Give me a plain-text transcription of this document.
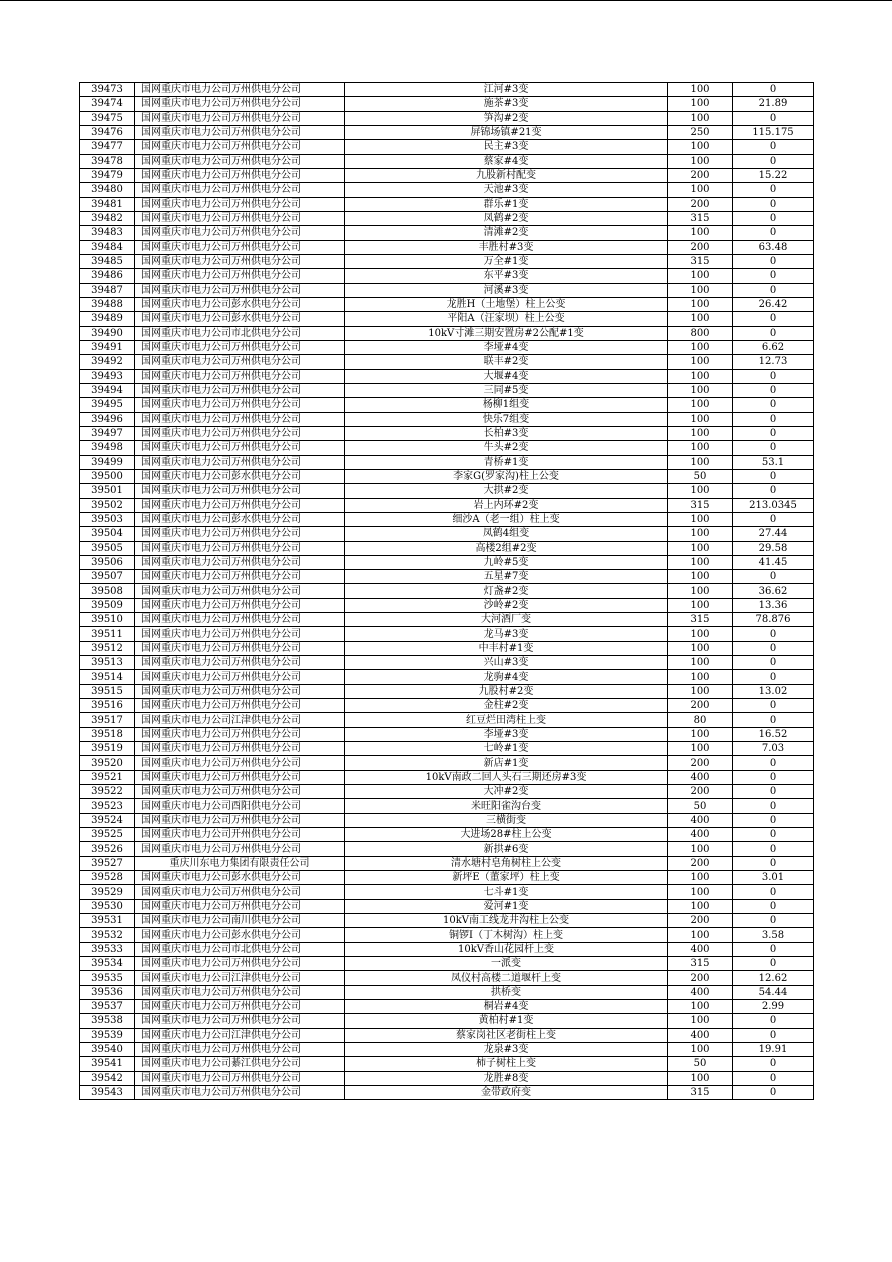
39473	国网重庆市电力公司万州供电分公司	江河#3变	100	0
39474	国网重庆市电力公司万州供电分公司	施茶#3变	100	21.89
39475	国网重庆市电力公司万州供电分公司	笋沟#2变	100	0
39476	国网重庆市电力公司万州供电分公司	屏锦场镇#21变	250	115.175
39477	国网重庆市电力公司万州供电分公司	民主#3变	100	0
39478	国网重庆市电力公司万州供电分公司	蔡家#4变	100	0
39479	国网重庆市电力公司万州供电分公司	九股新村配变	200	15.22
39480	国网重庆市电力公司万州供电分公司	天池#3变	100	0
39481	国网重庆市电力公司万州供电分公司	群乐#1变	200	0
39482	国网重庆市电力公司万州供电分公司	凤鹤#2变	315	0
39483	国网重庆市电力公司万州供电分公司	清滩#2变	100	0
39484	国网重庆市电力公司万州供电分公司	丰胜村#3变	200	63.48
39485	国网重庆市电力公司万州供电分公司	万全#1变	315	0
39486	国网重庆市电力公司万州供电分公司	东平#3变	100	0
39487	国网重庆市电力公司万州供电分公司	河溪#3变	100	0
39488	国网重庆市电力公司彭水供电分公司	龙胜H（土地堡）柱上公变	100	26.42
39489	国网重庆市电力公司彭水供电分公司	平阳A（汪家坝）柱上公变	100	0
39490	国网重庆市电力公司市北供电分公司	10kV寸滩三期安置房#2公配#1变	800	0
39491	国网重庆市电力公司万州供电分公司	李垭#4变	100	6.62
39492	国网重庆市电力公司万州供电分公司	联丰#2变	100	12.73
39493	国网重庆市电力公司万州供电分公司	大堰#4变	100	0
39494	国网重庆市电力公司万州供电分公司	三同#5变	100	0
39495	国网重庆市电力公司万州供电分公司	杨柳1组变	100	0
39496	国网重庆市电力公司万州供电分公司	快乐7组变	100	0
39497	国网重庆市电力公司万州供电分公司	长柏#3变	100	0
39498	国网重庆市电力公司万州供电分公司	牛头#2变	100	0
39499	国网重庆市电力公司万州供电分公司	青桥#1变	100	53.1
39500	国网重庆市电力公司彭水供电分公司	李家G(罗家沟)柱上公变	50	0
39501	国网重庆市电力公司万州供电分公司	大拱#2变	100	0
39502	国网重庆市电力公司万州供电分公司	岩上内环#2变	315	213.0345
39503	国网重庆市电力公司彭水供电分公司	细沙A（老一组）柱上变	100	0
39504	国网重庆市电力公司万州供电分公司	凤鹤4组变	100	27.44
39505	国网重庆市电力公司万州供电分公司	高楼2组#2变	100	29.58
39506	国网重庆市电力公司万州供电分公司	九岭#5变	100	41.45
39507	国网重庆市电力公司万州供电分公司	五星#7变	100	0
39508	国网重庆市电力公司万州供电分公司	灯盏#2变	100	36.62
39509	国网重庆市电力公司万州供电分公司	沙岭#2变	100	13.36
39510	国网重庆市电力公司万州供电分公司	大河酒厂变	315	78.876
39511	国网重庆市电力公司万州供电分公司	龙马#3变	100	0
39512	国网重庆市电力公司万州供电分公司	中丰村#1变	100	0
39513	国网重庆市电力公司万州供电分公司	兴山#3变	100	0
39514	国网重庆市电力公司万州供电分公司	龙驹#4变	100	0
39515	国网重庆市电力公司万州供电分公司	九股村#2变	100	13.02
39516	国网重庆市电力公司万州供电分公司	金柱#2变	200	0
39517	国网重庆市电力公司江津供电分公司	红豆烂田湾柱上变	80	0
39518	国网重庆市电力公司万州供电分公司	李垭#3变	100	16.52
39519	国网重庆市电力公司万州供电分公司	七岭#1变	100	7.03
39520	国网重庆市电力公司万州供电分公司	新店#1变	200	0
39521	国网重庆市电力公司万州供电分公司	10kV南政二回人头石三期还房#3变	400	0
39522	国网重庆市电力公司万州供电分公司	大冲#2变	200	0
39523	国网重庆市电力公司酉阳供电分公司	米旺阳雀沟台变	50	0
39524	国网重庆市电力公司万州供电分公司	三横街变	400	0
39525	国网重庆市电力公司开州供电分公司	大进场28#柱上公变	400	0
39526	国网重庆市电力公司万州供电分公司	新拱#6变	100	0
39527	重庆川东电力集团有限责任公司	清水塘村皂角树柱上公变	200	0
39528	国网重庆市电力公司彭水供电分公司	新坪E（董家坪）柱上变	100	3.01
39529	国网重庆市电力公司万州供电分公司	七斗#1变	100	0
39530	国网重庆市电力公司万州供电分公司	爱河#1变	100	0
39531	国网重庆市电力公司南川供电分公司	10kV南工线龙井沟柱上公变	200	0
39532	国网重庆市电力公司彭水供电分公司	铜锣I（丁木树沟）柱上变	100	3.58
39533	国网重庆市电力公司市北供电分公司	10kV香山花园杆上变	400	0
39534	国网重庆市电力公司万州供电分公司	一派变	315	0
39535	国网重庆市电力公司江津供电分公司	凤仪村高楼二道堰杆上变	200	12.62
39536	国网重庆市电力公司万州供电分公司	拱桥变	400	54.44
39537	国网重庆市电力公司万州供电分公司	桐岩#4变	100	2.99
39538	国网重庆市电力公司万州供电分公司	黄柏村#1变	100	0
39539	国网重庆市电力公司江津供电分公司	蔡家岗社区老街柱上变	400	0
39540	国网重庆市电力公司万州供电分公司	龙泉#3变	100	19.91
39541	国网重庆市电力公司綦江供电分公司	柿子树柱上变	50	0
39542	国网重庆市电力公司万州供电分公司	龙胜#8变	100	0
39543	国网重庆市电力公司万州供电分公司	金带政府变	315	0
